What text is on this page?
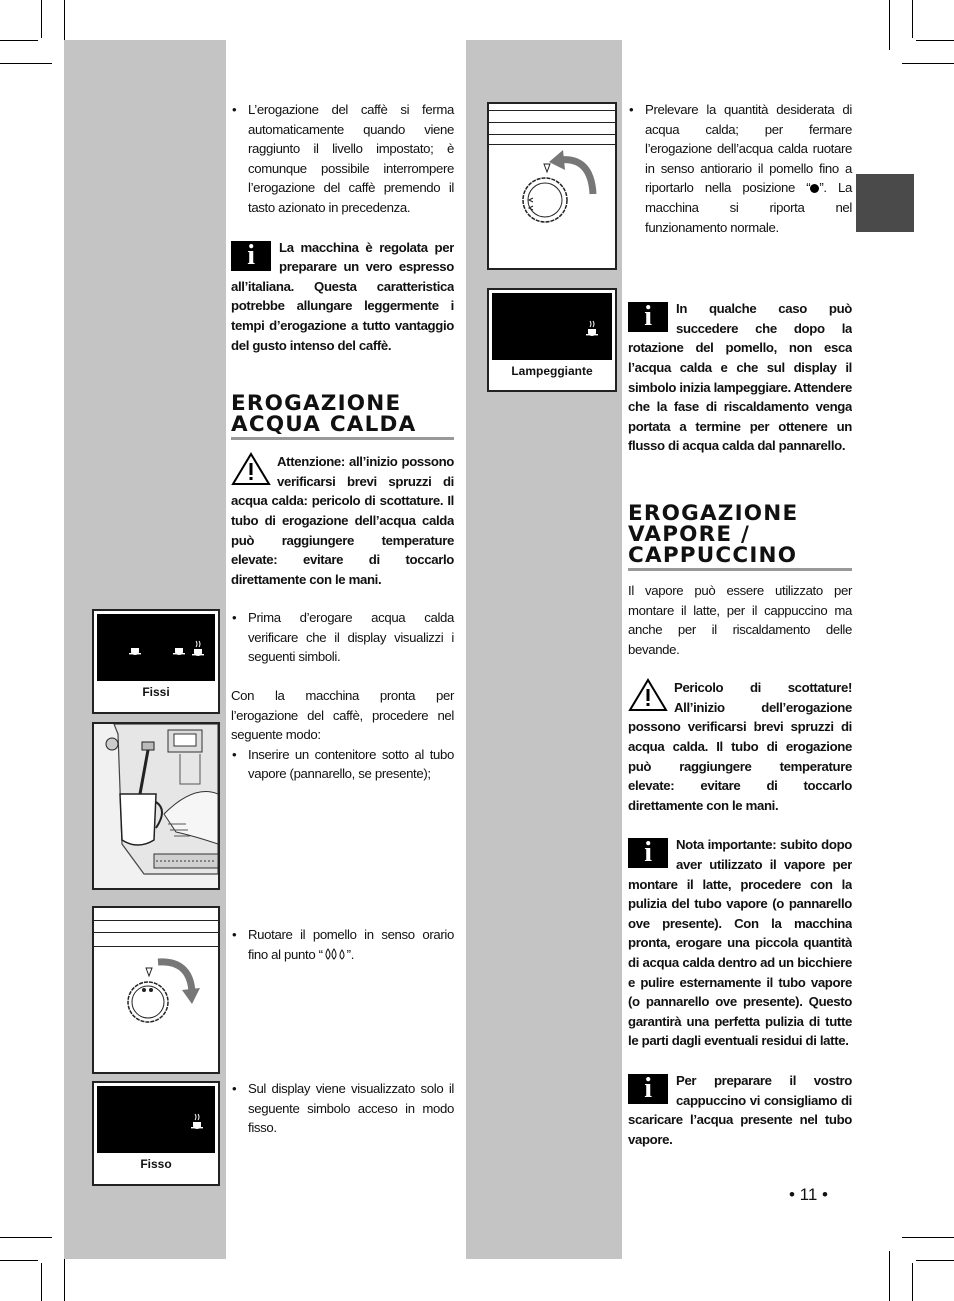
Fissi
Fisso
Lampeggiante

• L’erogazione del caffè si ferma automaticamente quando viene raggiunto il livello impostato; è comunque possibile interrompere l’erogazione del caffè premendo il tasto azionato in precedenza.

i	La macchina è regolata per preparare un vero espresso all’italiana. Questa caratteristica potrebbe allungare leggermente i tempi d’erogazione a tutto vantaggio del gusto intenso del caffè.

EROGAZIONE ACQUA CALDA

Attenzione: all’inizio possono verificarsi brevi spruzzi di acqua calda: pericolo di scottature. Il tubo di erogazione dell’acqua calda può raggiungere temperature elevate: evitare di toccarlo direttamente con le mani.

• Prima d’erogare acqua calda verificare che il display visualizzi i seguenti simboli.

Con la macchina pronta per l’erogazione del caffè, procedere nel seguente modo:

• Inserire un contenitore sotto al tubo vapore (pannarello, se presente);

• Ruotare il pomello in senso orario fino al punto “ ”.

• Sul display viene visualizzato solo il seguente simbolo acceso in modo fisso.

• Prelevare la quantità desiderata di acqua calda; per fermare l’erogazione dell’acqua calda ruotare in senso antiorario il pomello fino a riportarlo nella posizione “ ”. La macchina si riporta nel funzionamento normale.

i	In qualche caso può succedere che dopo la rotazione del pomello, non esca l’acqua calda e che sul display il simbolo inizia lampeggiare. Attendere che la fase di riscaldamento venga portata a termine per ottenere un flusso di acqua calda dal pannarello.

EROGAZIONE VAPORE / CAPPUCCINO

Il vapore può essere utilizzato per montare il latte, per il cappuccino ma anche per il riscaldamento delle bevande.

Pericolo di scottature! All’inizio dell’erogazione possono verificarsi brevi spruzzi di acqua calda. Il tubo di erogazione può raggiungere temperature elevate: evitare di toccarlo direttamente con le mani.

i	Nota importante: subito dopo aver utilizzato il vapore per montare il latte, procedere con la pulizia del tubo vapore (o pannarello ove presente). Con la macchina pronta, erogare una piccola quantità di acqua calda dentro ad un bicchiere e pulire esternamente il tubo vapore (o pannarello ove presente). Questo garantirà una perfetta pulizia di tutte le parti dagli eventuali residui di latte.

i	Per preparare il vostro cappuccino vi consigliamo di scaricare l’acqua presente nel tubo vapore.

• 11 •
